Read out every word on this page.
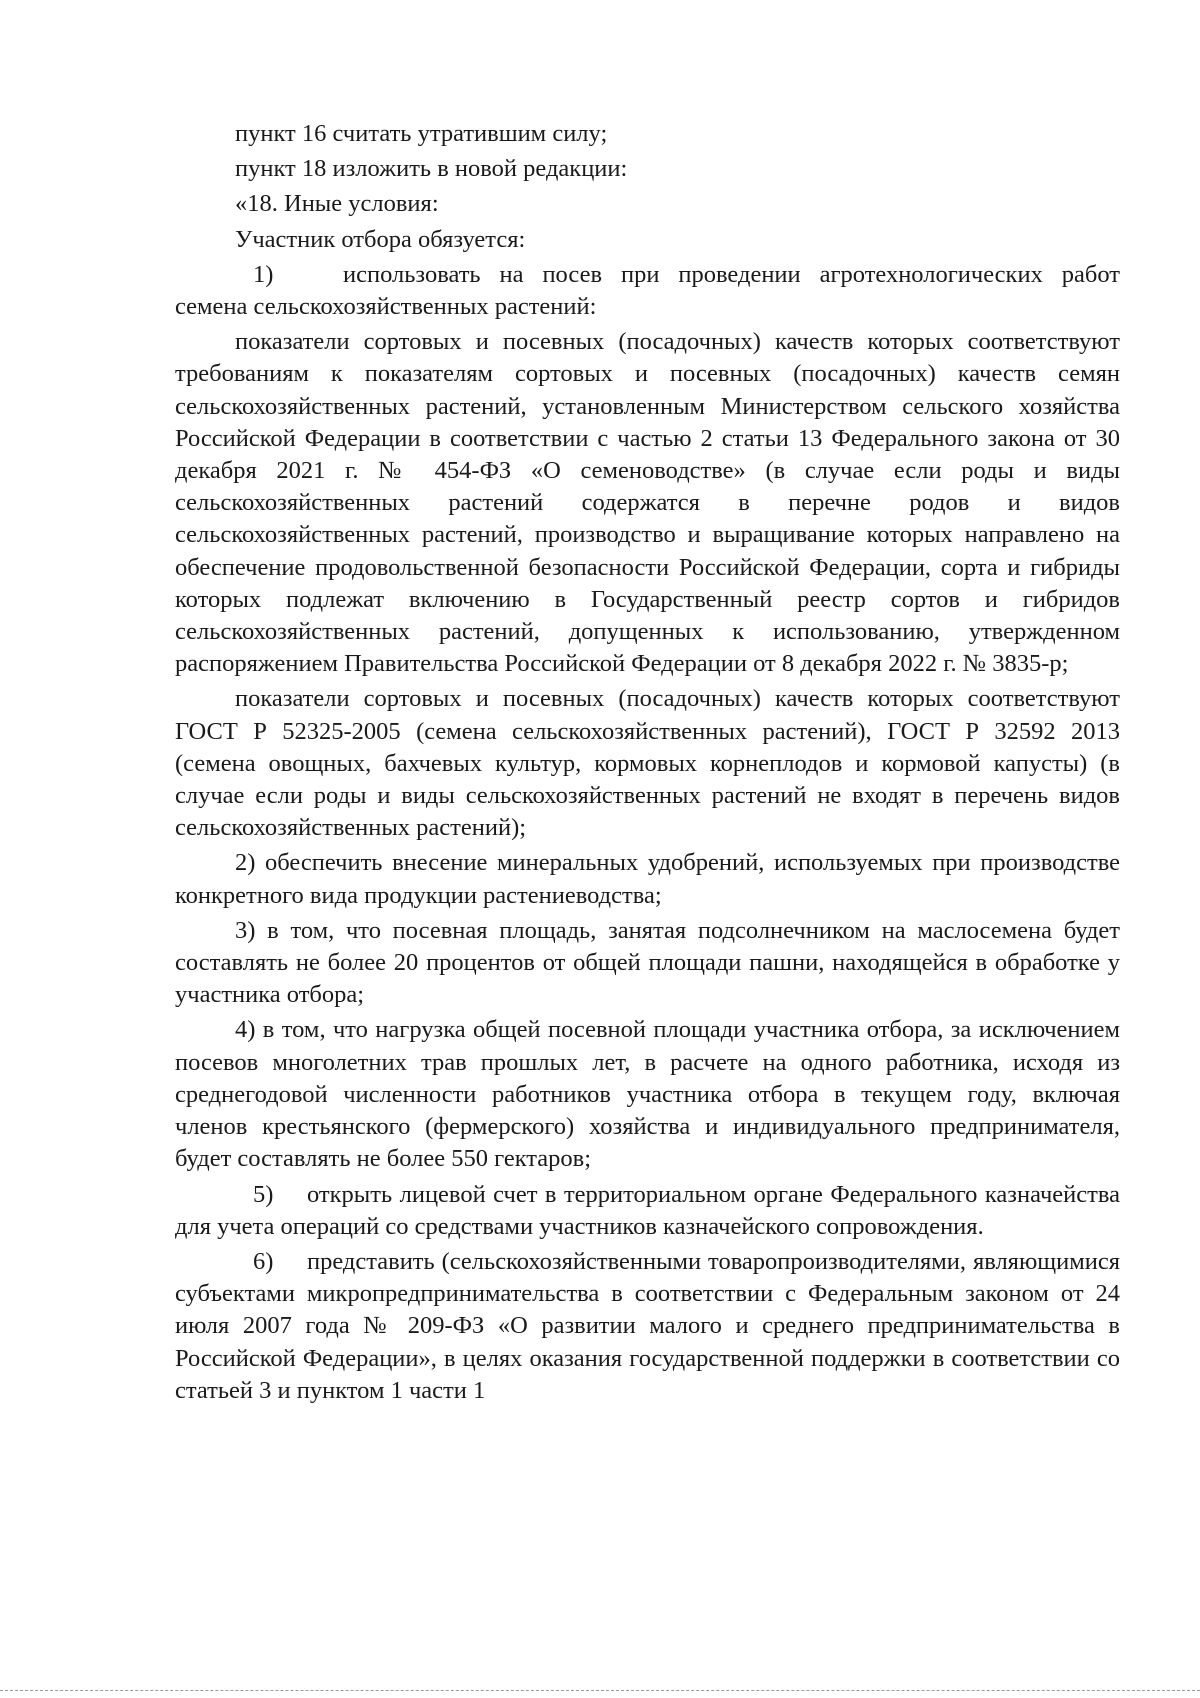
пункт 16 считать утратившим силу;

пункт 18 изложить в новой редакции:

«18. Иные условия:

Участник отбора обязуется:

1)	использовать на посев при проведении агротехнологических работ семена сельскохозяйственных растений:

показатели сортовых и посевных (посадочных) качеств которых соответствуют требованиям к показателям сортовых и посевных (посадочных) качеств семян сельскохозяйственных растений, установленным Министерством сельского хозяйства Российской Федерации в соответствии с частью 2 статьи 13 Федерального закона от 30 декабря 2021 г. № 454-ФЗ «О семеноводстве» (в случае если роды и виды сельскохозяйственных растений содержатся в перечне родов и видов сельскохозяйственных растений, производство и выращивание которых направлено на обеспечение продовольственной безопасности Российской Федерации, сорта и гибриды которых подлежат включению в Государственный реестр сортов и гибридов сельскохозяйственных растений, допущенных к использованию, утвержденном распоряжением Правительства Российской Федерации от 8 декабря 2022 г. № 3835-р;

показатели сортовых и посевных (посадочных) качеств которых соответствуют ГОСТ Р 52325-2005 (семена сельскохозяйственных растений), ГОСТ Р 32592 2013 (семена овощных, бахчевых культур, кормовых корнеплодов и кормовой капусты) (в случае если роды и виды сельскохозяйственных растений не входят в перечень видов сельскохозяйственных растений);

2) обеспечить внесение минеральных удобрений, используемых при производстве конкретного вида продукции растениеводства;

3) в том, что посевная площадь, занятая подсолнечником на маслосемена будет составлять не более 20 процентов от общей площади пашни, находящейся в обработке у участника отбора;

4) в том, что нагрузка общей посевной площади участника отбора, за исключением посевов многолетних трав прошлых лет, в расчете на одного работника, исходя из среднегодовой численности работников участника отбора в текущем году, включая членов крестьянского (фермерского) хозяйства и индивидуального предпринимателя, будет составлять не более 550 гектаров;

5) открыть лицевой счет в территориальном органе Федерального казначейства для учета операций со средствами участников казначейского сопровождения.

6) представить (сельскохозяйственными товаропроизводителями, являющимися субъектами микропредпринимательства в соответствии с Федеральным законом от 24 июля 2007 года № 209-ФЗ «О развитии малого и среднего предпринимательства в Российской Федерации», в целях оказания государственной поддержки в соответствии со статьей 3 и пунктом 1 части 1
